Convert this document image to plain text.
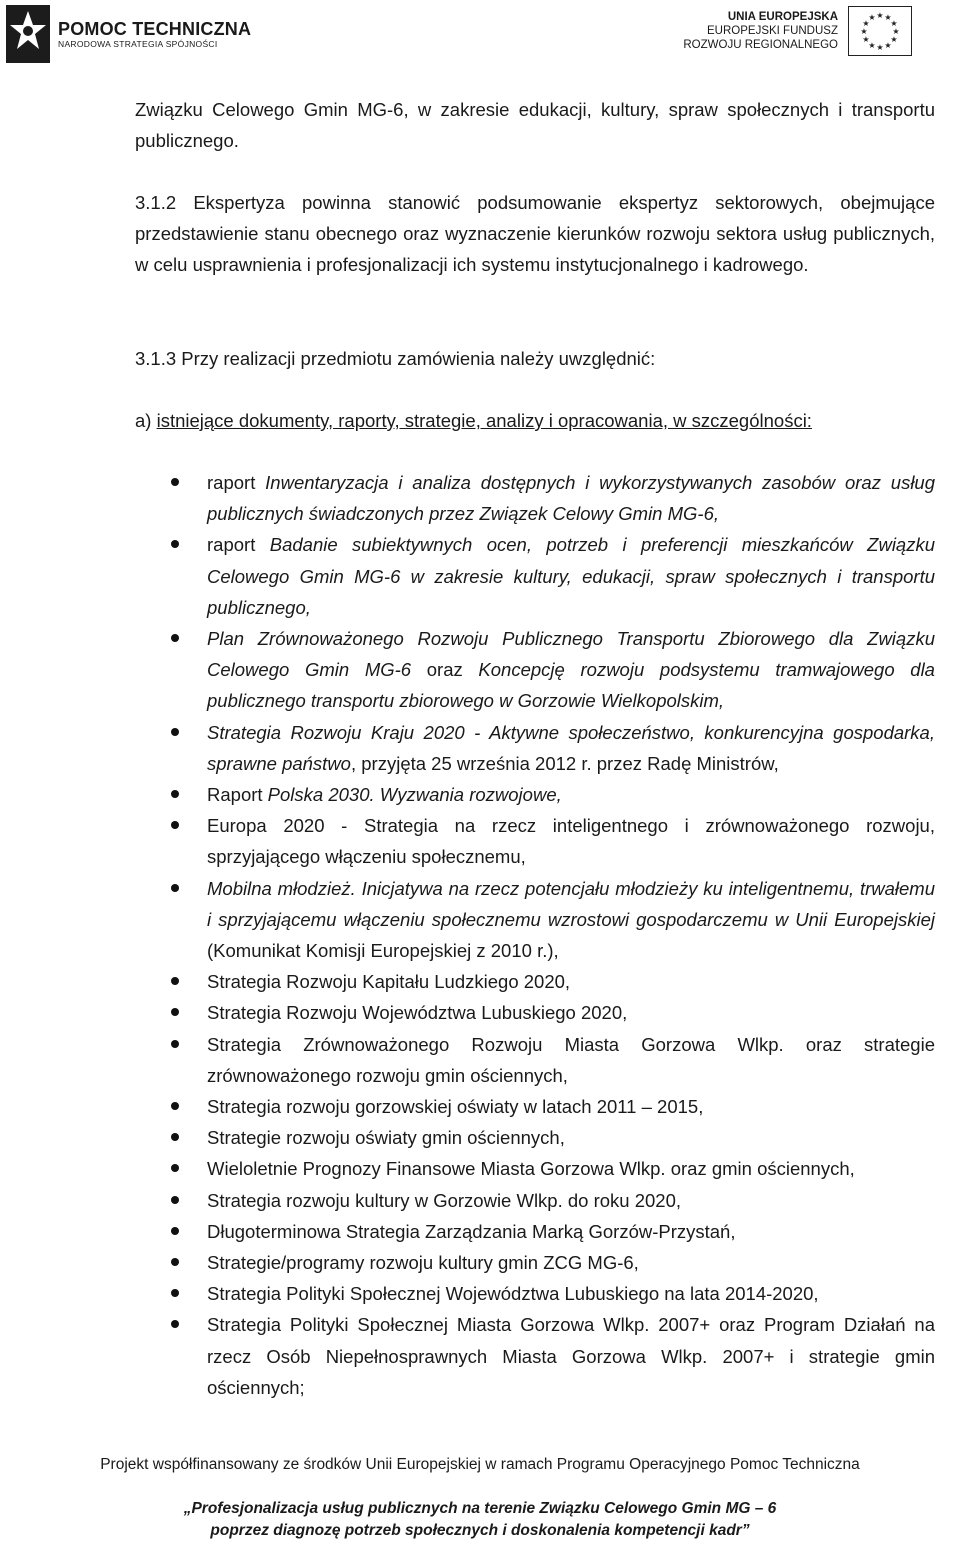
POMOC TECHNICZNA
NARODOWA STRATEGIA SPÓJNOŚCI
UNIA EUROPEJSKA
EUROPEJSKI FUNDUSZ
ROZWOJU REGIONALNEGO
★ ★
★
★
★
★
★
★
★
★
★
★

Związku Celowego Gmin MG-6, w zakresie edukacji, kultury, spraw społecznych i transportu publicznego.

3.1.2 Ekspertyza powinna stanowić podsumowanie ekspertyz sektorowych, obejmujące przedstawienie stanu obecnego oraz wyznaczenie kierunków rozwoju sektora usług publicznych, w celu usprawnienia i profesjonalizacji ich systemu instytucjonalnego i kadrowego.

3.1.3 Przy realizacji przedmiotu zamówienia należy uwzględnić:

a) istniejące dokumenty, raporty, strategie, analizy i opracowania, w szczególności:

raport Inwentaryzacja i analiza dostępnych i wykorzystywanych zasobów oraz usług publicznych świadczonych przez Związek Celowy Gmin MG-6,
raport Badanie subiektywnych ocen, potrzeb i preferencji mieszkańców Związku Celowego Gmin MG-6 w zakresie kultury, edukacji, spraw społecznych i transportu publicznego,
Plan Zrównoważonego Rozwoju Publicznego Transportu Zbiorowego dla Związku Celowego Gmin MG-6 oraz Koncepcję rozwoju podsystemu tramwajowego dla publicznego transportu zbiorowego w Gorzowie Wielkopolskim,
Strategia Rozwoju Kraju 2020 - Aktywne społeczeństwo, konkurencyjna gospodarka, sprawne państwo, przyjęta 25 września 2012 r. przez Radę Ministrów,
Raport Polska 2030. Wyzwania rozwojowe,
Europa 2020 - Strategia na rzecz inteligentnego i zrównoważonego rozwoju, sprzyjającego włączeniu społecznemu,
Mobilna młodzież. Inicjatywa na rzecz potencjału młodzieży ku inteligentnemu, trwałemu i sprzyjającemu włączeniu społecznemu wzrostowi gospodarczemu w Unii Europejskiej (Komunikat Komisji Europejskiej z 2010 r.),
Strategia Rozwoju Kapitału Ludzkiego 2020,
Strategia Rozwoju Województwa Lubuskiego 2020,
Strategia Zrównoważonego Rozwoju Miasta Gorzowa Wlkp. oraz strategie zrównoważonego rozwoju gmin ościennych,
Strategia rozwoju gorzowskiej oświaty w latach 2011 – 2015,
Strategie rozwoju oświaty gmin ościennych,
Wieloletnie Prognozy Finansowe Miasta Gorzowa Wlkp. oraz gmin ościennych,
Strategia rozwoju kultury w Gorzowie Wlkp. do roku 2020,
Długoterminowa Strategia Zarządzania Marką Gorzów-Przystań,
Strategie/programy rozwoju kultury gmin ZCG MG-6,
Strategia Polityki Społecznej Województwa Lubuskiego na lata 2014-2020,
Strategia Polityki Społecznej Miasta Gorzowa Wlkp. 2007+ oraz Program Działań na rzecz Osób Niepełnosprawnych Miasta Gorzowa Wlkp. 2007+ i strategie gmin ościennych;
Projekt współfinansowany ze środków Unii Europejskiej w ramach Programu Operacyjnego Pomoc Techniczna
„Profesjonalizacja usług publicznych na terenie Związku Celowego Gmin MG – 6
poprzez diagnozę potrzeb społecznych i doskonalenia kompetencji kadr”
